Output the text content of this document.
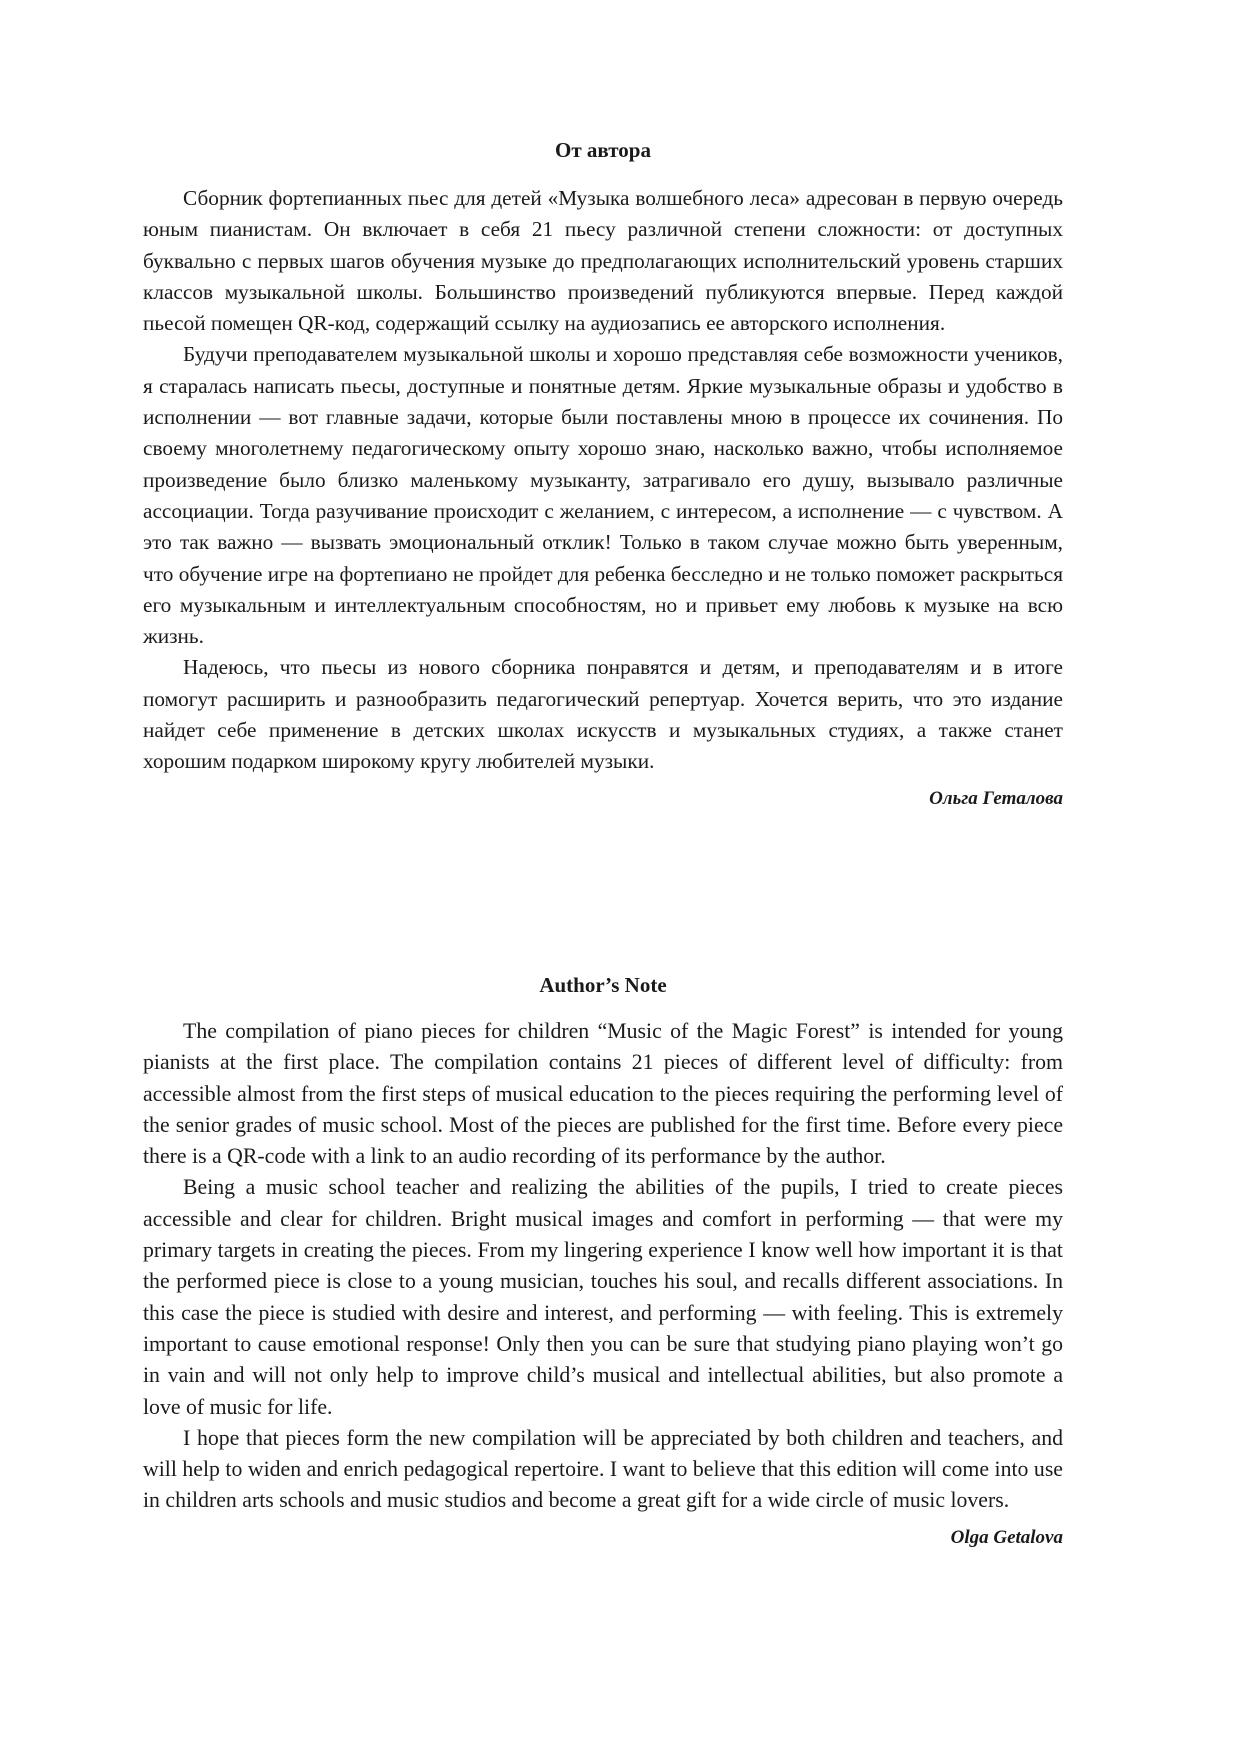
От автора

Сборник фортепианных пьес для детей «Музыка волшебного леса» адресован в первую очередь юным пианистам. Он включает в себя 21 пьесу различной степени сложности: от доступных буквально с первых шагов обучения музыке до предполагающих исполнительский уровень старших классов музыкальной школы. Большинство произведений публикуются впервые. Перед каждой пьесой помещен QR-код, содержащий ссылку на аудиозапись ее авторского исполнения.

Будучи преподавателем музыкальной школы и хорошо представляя себе возможности учеников, я старалась написать пьесы, доступные и понятные детям. Яркие музыкальные образы и удобство в исполнении — вот главные задачи, которые были поставлены мною в процессе их сочинения. По своему многолетнему педагогическому опыту хорошо знаю, насколько важно, чтобы исполняемое произведение было близко маленькому музыканту, затрагивало его душу, вызывало различные ассоциации. Тогда разучивание происходит с желанием, с интересом, а исполнение — с чувством. А это так важно — вызвать эмоциональный отклик! Только в таком случае можно быть уверенным, что обучение игре на фортепиано не пройдет для ребенка бесследно и не только поможет раскрыться его музыкальным и интеллектуальным способностям, но и привьет ему любовь к музыке на всю жизнь.

Надеюсь, что пьесы из нового сборника понравятся и детям, и преподавателям и в итоге помогут расширить и разнообразить педагогический репертуар. Хочется верить, что это издание найдет себе применение в детских школах искусств и музыкальных студиях, а также станет хорошим подарком широкому кругу любителей музыки.

Ольга Геталова

Author’s Note

The compilation of piano pieces for children “Music of the Magic Forest” is intended for young pianists at the first place. The compilation contains 21 pieces of different level of difficulty: from accessible almost from the first steps of musical education to the pieces requiring the performing level of the senior grades of music school. Most of the pieces are published for the first time. Before every piece there is a QR-code with a link to an audio recording of its performance by the author.

Being a music school teacher and realizing the abilities of the pupils, I tried to create pieces accessible and clear for children. Bright musical images and comfort in performing — that were my primary targets in creating the pieces. From my lingering experience I know well how important it is that the performed piece is close to a young musician, touches his soul, and recalls different associations. In this case the piece is studied with desire and interest, and performing — with feeling. This is extremely important to cause emotional response! Only then you can be sure that studying piano playing won’t go in vain and will not only help to improve child’s musical and intellectual abilities, but also promote a love of music for life.

I hope that pieces form the new compilation will be appreciated by both children and teachers, and will help to widen and enrich pedagogical repertoire. I want to believe that this edition will come into use in children arts schools and music studios and become a great gift for a wide circle of music lovers.

Olga Getalova
